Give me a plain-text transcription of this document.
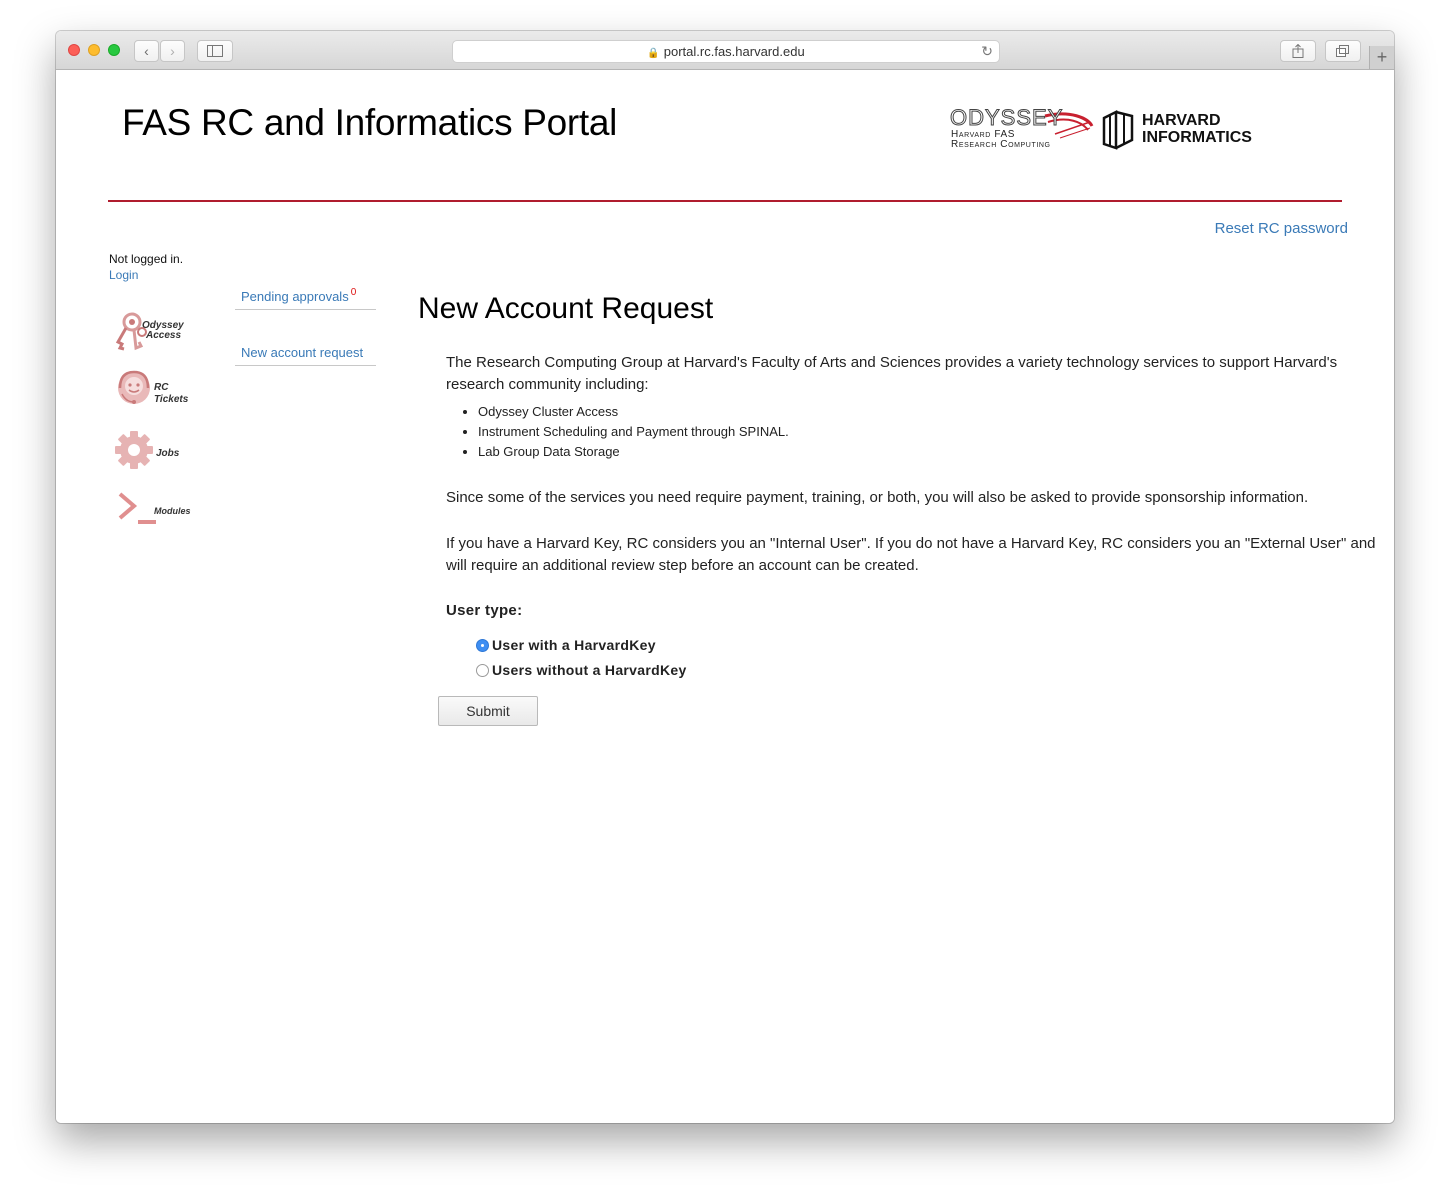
‹	›	🔒 portal.rc.fas.harvard.edu	↻	+
FAS RC and Informatics Portal	ODYSSEY
Harvard FAS
Research Computing
HARVARD
INFORMATICS
Reset RC password
Not logged in.
Login
Odyssey
Access
RC
Tickets
Jobs
Modules
Pending approvals $^0$
New account request
New Account Request

The Research Computing Group at Harvard's Faculty of Arts and Sciences provides a variety technology services to support Harvard's research community including:

• Odyssey Cluster Access
• Instrument Scheduling and Payment through SPINAL.
• Lab Group Data Storage

Since some of the services you need require payment, training, or both, you will also be asked to provide sponsorship information.

If you have a Harvard Key, RC considers you an "Internal User". If you do not have a Harvard Key, RC considers you an "External User" and will require an additional review step before an account can be created.

User type:
User with a HarvardKey
Users without a HarvardKey
Submit
